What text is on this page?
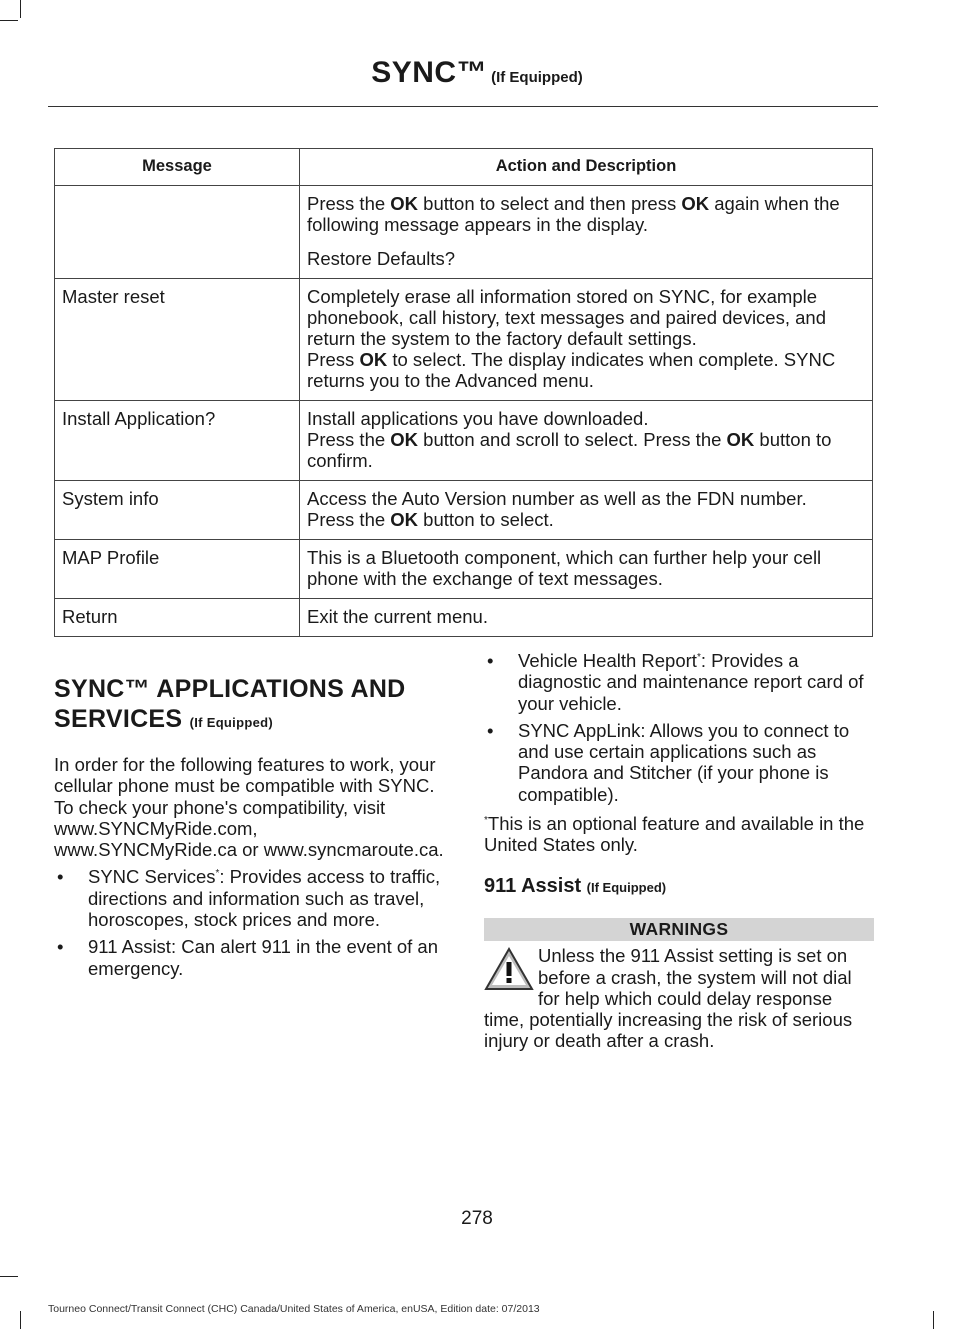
SYNC™ (If Equipped)
Message	Action and Description

	Press the OK button to select and then press OK again when the following message appears in the display.

Restore Defaults?

Master reset	Completely erase all information stored on SYNC, for example phonebook, call history, text messages and paired devices, and return the system to the factory default settings.
Press OK to select. The display indicates when complete. SYNC returns you to the Advanced menu.
Install Application?	Install applications you have downloaded.
Press the OK button and scroll to select. Press the OK button to confirm.
System info	Access the Auto Version number as well as the FDN number.
Press the OK button to select.
MAP Profile	This is a Bluetooth component, which can further help your cell phone with the exchange of text messages.
Return	Exit the current menu.
SYNC™ APPLICATIONS AND
SERVICES (If Equipped)

In order for the following features to work, your cellular phone must be compatible with SYNC. To check your phone's compatibility, visit www.SYNCMyRide.com, www.SYNCMyRide.ca or www.syncmaroute.ca.

• SYNC Services*: Provides access to traffic, directions and information such as travel, horoscopes, stock prices and more.
• 911 Assist: Can alert 911 in the event of an emergency.
• Vehicle Health Report*: Provides a diagnostic and maintenance report card of your vehicle.
• SYNC AppLink: Allows you to connect to and use certain applications such as Pandora and Stitcher (if your phone is compatible).

*This is an optional feature and available in the United States only.

911 Assist (If Equipped)
WARNINGS
Unless the 911 Assist setting is set on before a crash, the system will not dial for help which could delay response time, potentially increasing the risk of serious injury or death after a crash.
278
Tourneo Connect/Transit Connect (CHC) Canada/United States of America, enUSA, Edition date: 07/2013
